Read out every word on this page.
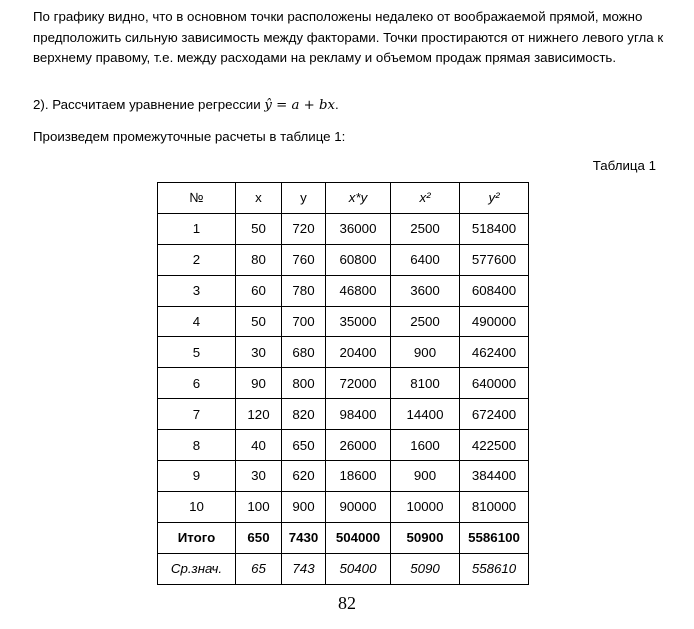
По графику видно, что в основном точки расположены недалеко от воображаемой прямой, можно предположить сильную зависимость между факторами. Точки простираются от нижнего левого угла к верхнему правому, т.е. между расходами на рекламу и объемом продаж прямая зависимость.

2). Рассчитаем уравнение регрессии ŷ = a + bx.

Произведем промежуточные расчеты в таблице 1:

Таблица 1
№	x	y	x*y	x²	y²
1	50	720	36000	2500	518400
2	80	760	60800	6400	577600
3	60	780	46800	3600	608400
4	50	700	35000	2500	490000
5	30	680	20400	900	462400
6	90	800	72000	8100	640000
7	120	820	98400	14400	672400
8	40	650	26000	1600	422500
9	30	620	18600	900	384400
10	100	900	90000	10000	810000
Итого	650	7430	504000	50900	5586100
Ср.знач.	65	743	50400	5090	558610
82
